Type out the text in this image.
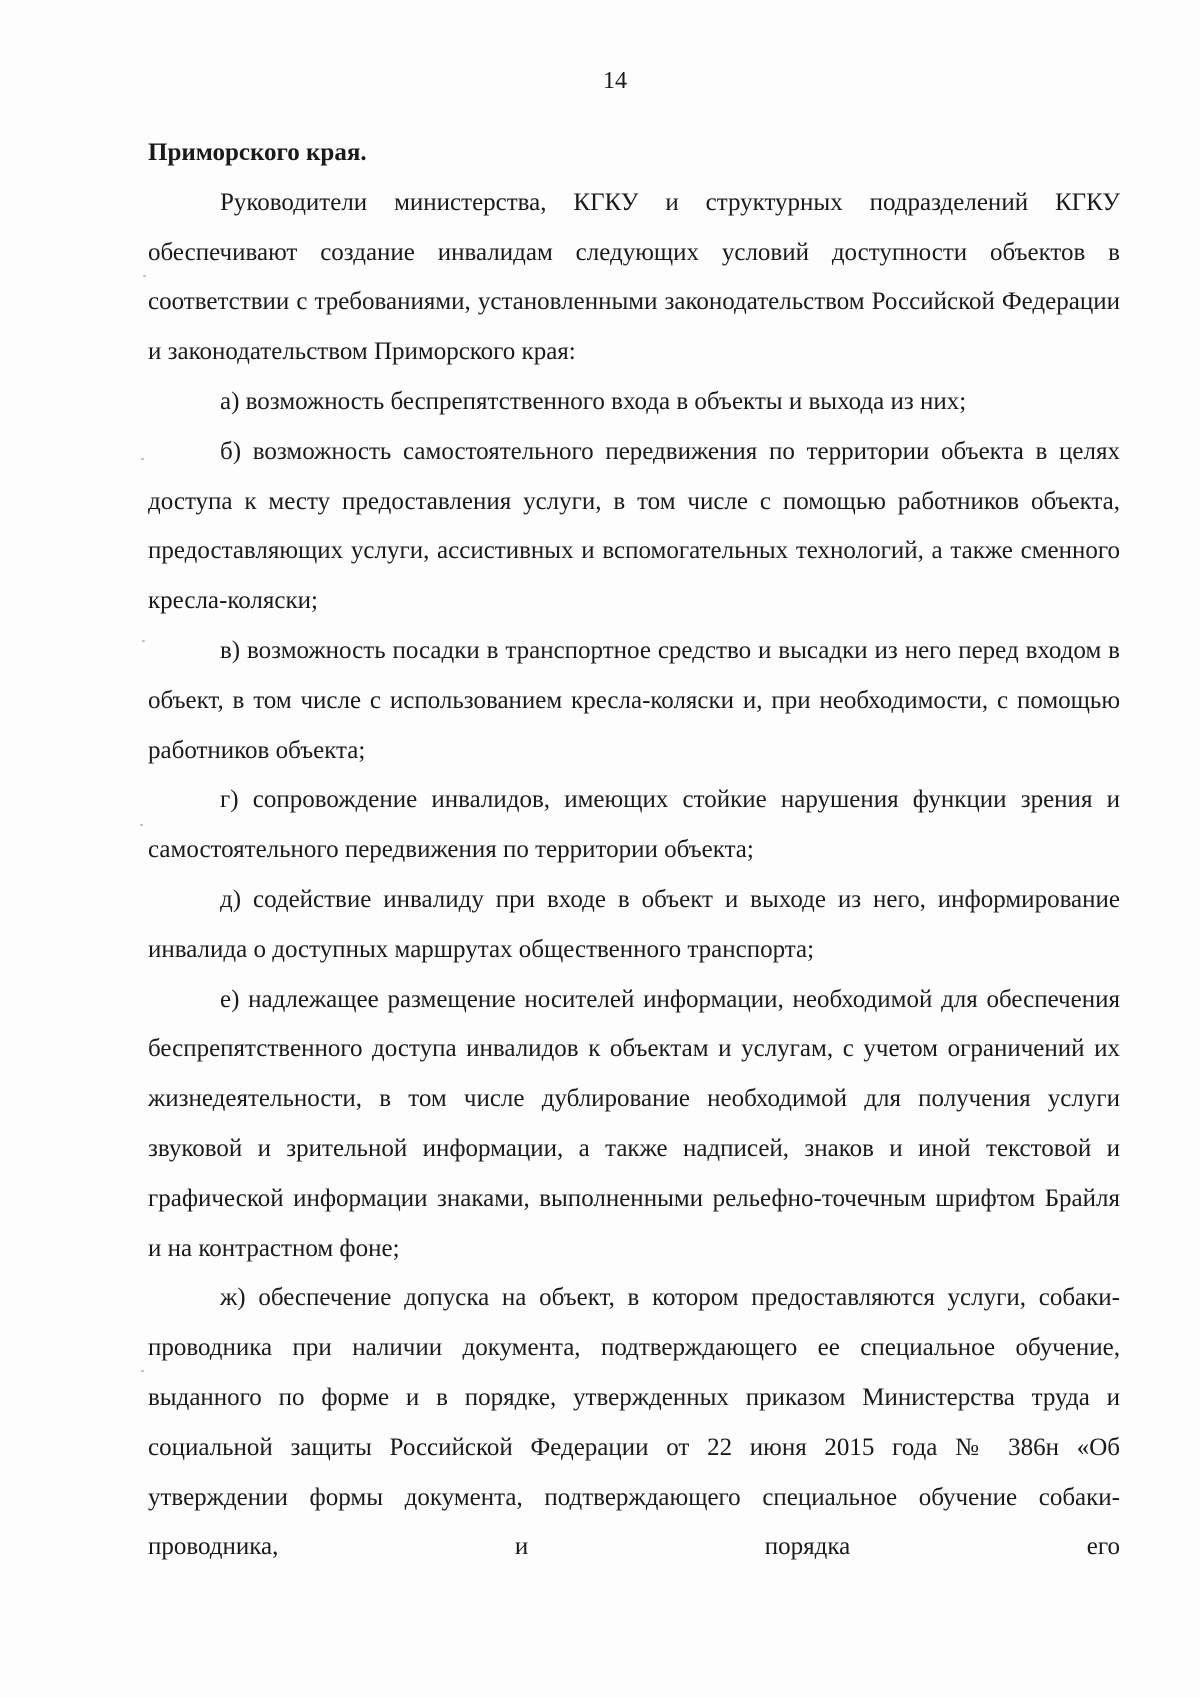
14

Приморского края.

Руководители министерства, КГКУ и структурных подразделений КГКУ обеспечивают создание инвалидам следующих условий доступности объектов в соответствии с требованиями, установленными законодательством Российской Федерации и законодательством Приморского края:

а) возможность беспрепятственного входа в объекты и выхода из них;

б) возможность самостоятельного передвижения по территории объекта в целях доступа к месту предоставления услуги, в том числе с помощью работников объекта, предоставляющих услуги, ассистивных и вспомогательных технологий, а также сменного кресла-коляски;

в) возможность посадки в транспортное средство и высадки из него перед входом в объект, в том числе с использованием кресла-коляски и, при необходимости, с помощью работников объекта;

г) сопровождение инвалидов, имеющих стойкие нарушения функции зрения и самостоятельного передвижения по территории объекта;

д) содействие инвалиду при входе в объект и выходе из него, информирование инвалида о доступных маршрутах общественного транспорта;

е) надлежащее размещение носителей информации, необходимой для обеспечения беспрепятственного доступа инвалидов к объектам и услугам, с учетом ограничений их жизнедеятельности, в том числе дублирование необходимой для получения услуги звуковой и зрительной информации, а также надписей, знаков и иной текстовой и графической информации знаками, выполненными рельефно-точечным шрифтом Брайля и на контрастном фоне;

ж) обеспечение допуска на объект, в котором предоставляются услуги, собаки-проводника при наличии документа, подтверждающего ее специальное обучение, выданного по форме и в порядке, утвержденных приказом Министерства труда и социальной защиты Российской Федерации от 22 июня 2015 года № 386н «Об утверждении формы документа, подтверждающего специальное обучение собаки-проводника, и порядка его
